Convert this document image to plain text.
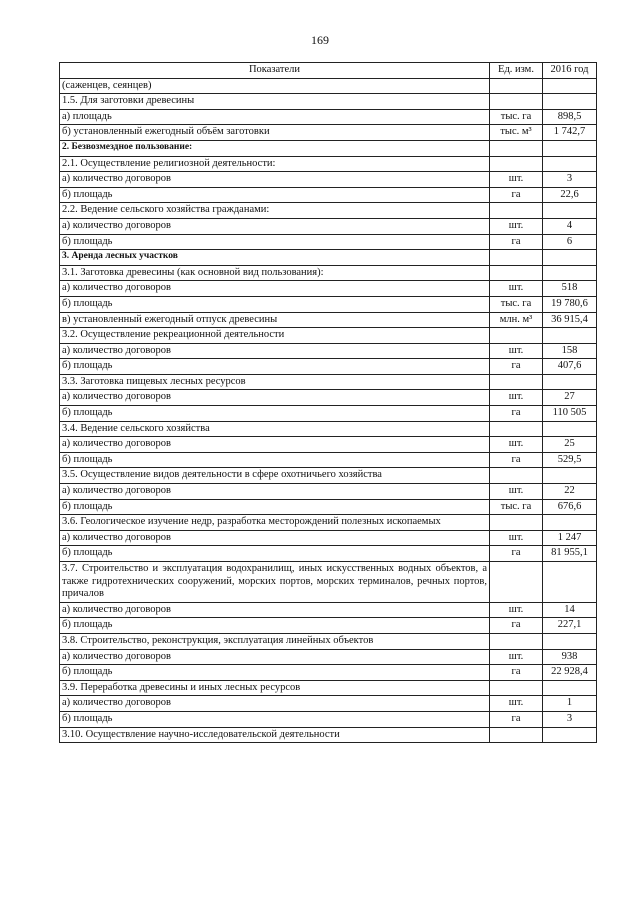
169
Показатели	Ед. изм.	2016 год
(саженцев, сеянцев)		
1.5. Для заготовки древесины		
а) площадь	тыс. га	898,5
б) установленный ежегодный объём заготовки	тыс. м³	1 742,7
2. Безвозмездное пользование:		
2.1. Осуществление религиозной деятельности:		
а) количество договоров	шт.	3
б) площадь	га	22,6
2.2. Ведение сельского хозяйства гражданами:		
а) количество договоров	шт.	4
б) площадь	га	6
3. Аренда лесных участков		
3.1. Заготовка древесины (как основной вид пользования):		
а) количество договоров	шт.	518
б) площадь	тыс. га	19 780,6
в) установленный ежегодный отпуск древесины	млн. м³	36 915,4
3.2. Осуществление рекреационной деятельности		
а) количество договоров	шт.	158
б) площадь	га	407,6
3.3. Заготовка пищевых лесных ресурсов		
а) количество договоров	шт.	27
б) площадь	га	110 505
3.4. Ведение сельского хозяйства		
а) количество договоров	шт.	25
б) площадь	га	529,5
3.5. Осуществление видов деятельности в сфере охотничьего хозяйства		
а) количество договоров	шт.	22
б) площадь	тыс. га	676,6
3.6. Геологическое изучение недр, разработка месторождений полезных ископаемых		
а) количество договоров	шт.	1 247
б) площадь	га	81 955,1
3.7. Строительство и эксплуатация водохранилищ, иных искусственных водных объектов, а также гидротехнических сооружений, морских портов, морских терминалов, речных портов, причалов		
а) количество договоров	шт.	14
б) площадь	га	227,1
3.8. Строительство, реконструкция, эксплуатация линейных объектов		
а) количество договоров	шт.	938
б) площадь	га	22 928,4
3.9. Переработка древесины и иных лесных ресурсов		
а) количество договоров	шт.	1
б) площадь	га	3
3.10. Осуществление научно-исследовательской деятельности		
